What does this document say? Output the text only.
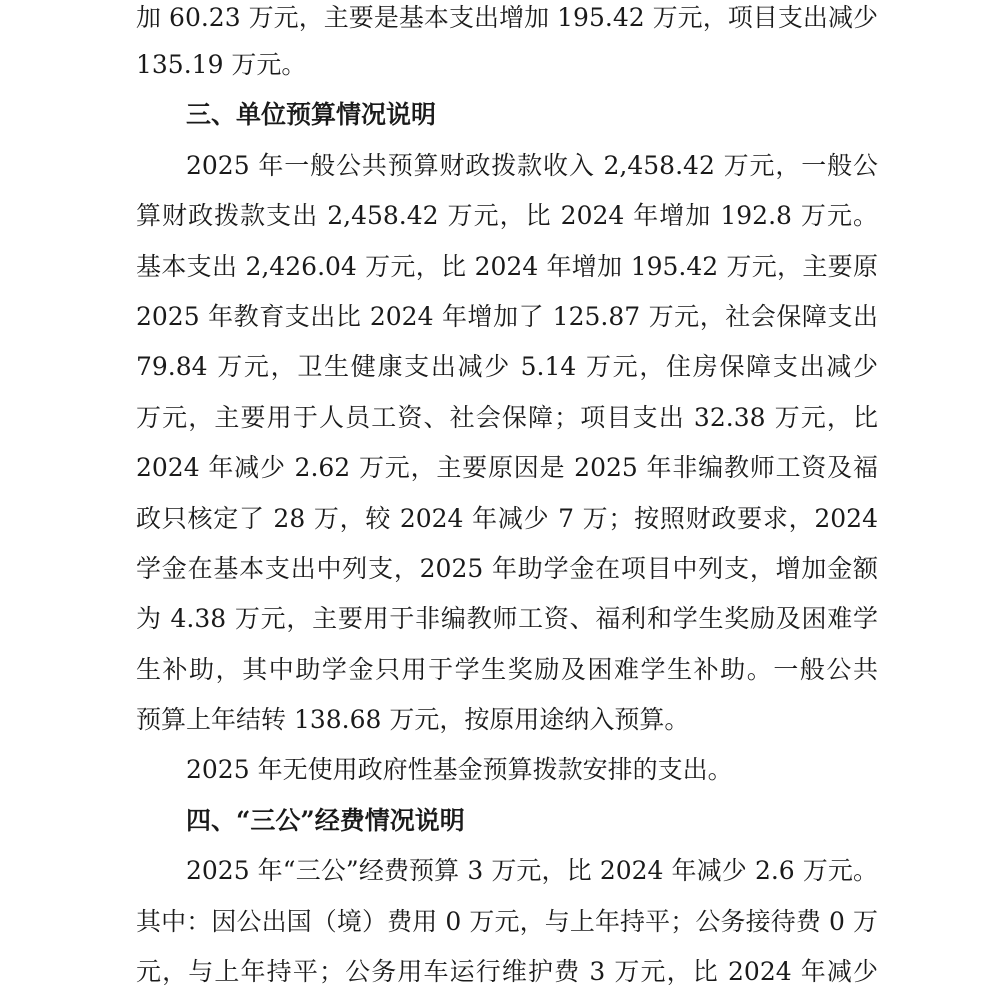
加 60.23 万元，主要是基本支出增加 195.42 万元，项目支出减少
135.19 万元。
三、单位预算情况说明
2025 年一般公共预算财政拨款收入 2,458.42 万元，一般公
算财政拨款支出 2,458.42 万元，比 2024 年增加 192.8 万元。
基本支出 2,426.04 万元，比 2024 年增加 195.42 万元，主要原
2025 年教育支出比 2024 年增加了 125.87 万元，社会保障支出
79.84 万元，卫生健康支出减少 5.14 万元，住房保障支出减少
万元，主要用于人员工资、社会保障；项目支出 32.38 万元，比
2024 年减少 2.62 万元，主要原因是 2025 年非编教师工资及福
政只核定了 28 万，较 2024 年减少 7 万；按照财政要求，2024
学金在基本支出中列支，2025 年助学金在项目中列支，增加金额
为 4.38 万元，主要用于非编教师工资、福利和学生奖励及困难学
生补助，其中助学金只用于学生奖励及困难学生补助。一般公共
预算上年结转 138.68 万元，按原用途纳入预算。
2025 年无使用政府性基金预算拨款安排的支出。
四、“三公”经费情况说明
2025 年“三公”经费预算 3 万元，比 2024 年减少 2.6 万元。
其中：因公出国（境）费用 0 万元，与上年持平；公务接待费 0 万
元，与上年持平；公务用车运行维护费 3 万元，比 2024 年减少
